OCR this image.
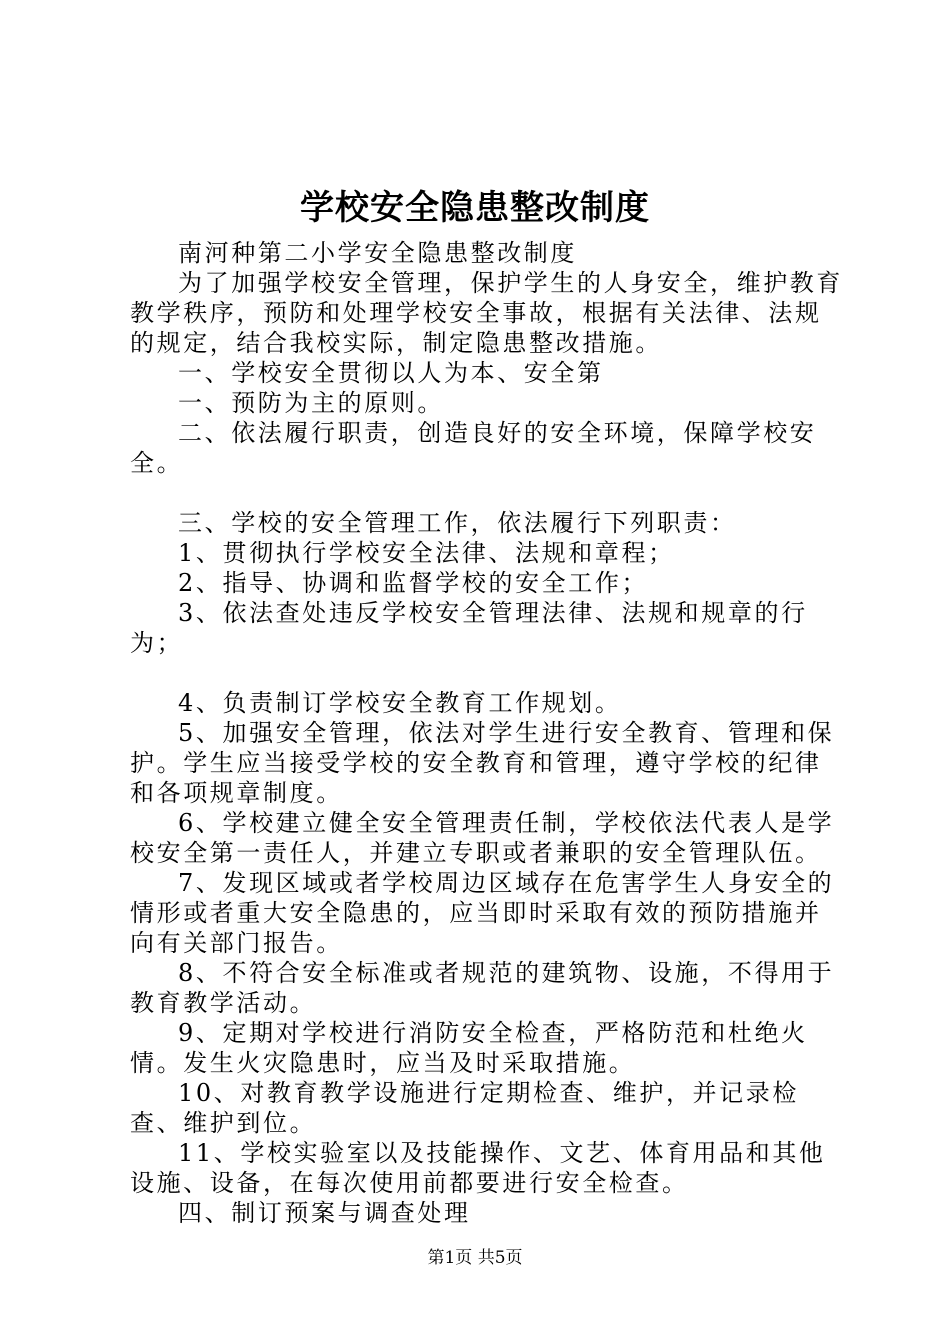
学校安全隐患整改制度

南河种第二小学安全隐患整改制度

为了加强学校安全管理，保护学生的人身安全，维护教育教学秩序，预防和处理学校安全事故，根据有关法律、法规的规定，结合我校实际，制定隐患整改措施。

一、学校安全贯彻以人为本、安全第

一、预防为主的原则。

二、依法履行职责，创造良好的安全环境，保障学校安全。

三、学校的安全管理工作，依法履行下列职责：

1、贯彻执行学校安全法律、法规和章程；

2、指导、协调和监督学校的安全工作；

3、依法查处违反学校安全管理法律、法规和规章的行为；

4、负责制订学校安全教育工作规划。

5、加强安全管理，依法对学生进行安全教育、管理和保护。学生应当接受学校的安全教育和管理，遵守学校的纪律和各项规章制度。

6、学校建立健全安全管理责任制，学校依法代表人是学校安全第一责任人，并建立专职或者兼职的安全管理队伍。

7、发现区域或者学校周边区域存在危害学生人身安全的情形或者重大安全隐患的，应当即时采取有效的预防措施并向有关部门报告。

8、不符合安全标准或者规范的建筑物、设施，不得用于教育教学活动。

9、定期对学校进行消防安全检查，严格防范和杜绝火情。发生火灾隐患时，应当及时采取措施。

10、对教育教学设施进行定期检查、维护，并记录检查、维护到位。

11、学校实验室以及技能操作、文艺、体育用品和其他设施、设备，在每次使用前都要进行安全检查。

四、制订预案与调查处理

第1页 共5页
